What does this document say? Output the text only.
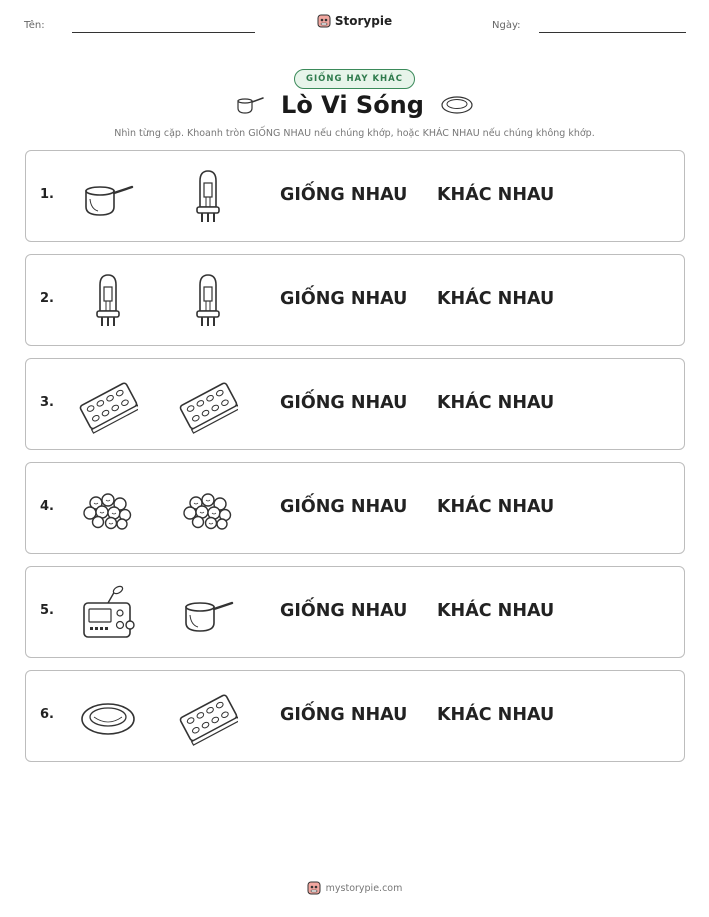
Tên:	Storypie	Ngày:
GIỐNG HAY KHÁC
Lò Vi Sóng
Nhìn từng cặp. Khoanh tròn GIỐNG NHAU nếu chúng khớp, hoặc KHÁC NHAU nếu chúng không khớp.
1.	GIỐNG NHAU KHÁC NHAU
2.	GIỐNG NHAU KHÁC NHAU
3.	GIỐNG NHAU KHÁC NHAU
4.	GIỐNG NHAU KHÁC NHAU
5.	GIỐNG NHAU KHÁC NHAU
6.	GIỐNG NHAU KHÁC NHAU
mystorypie.com
